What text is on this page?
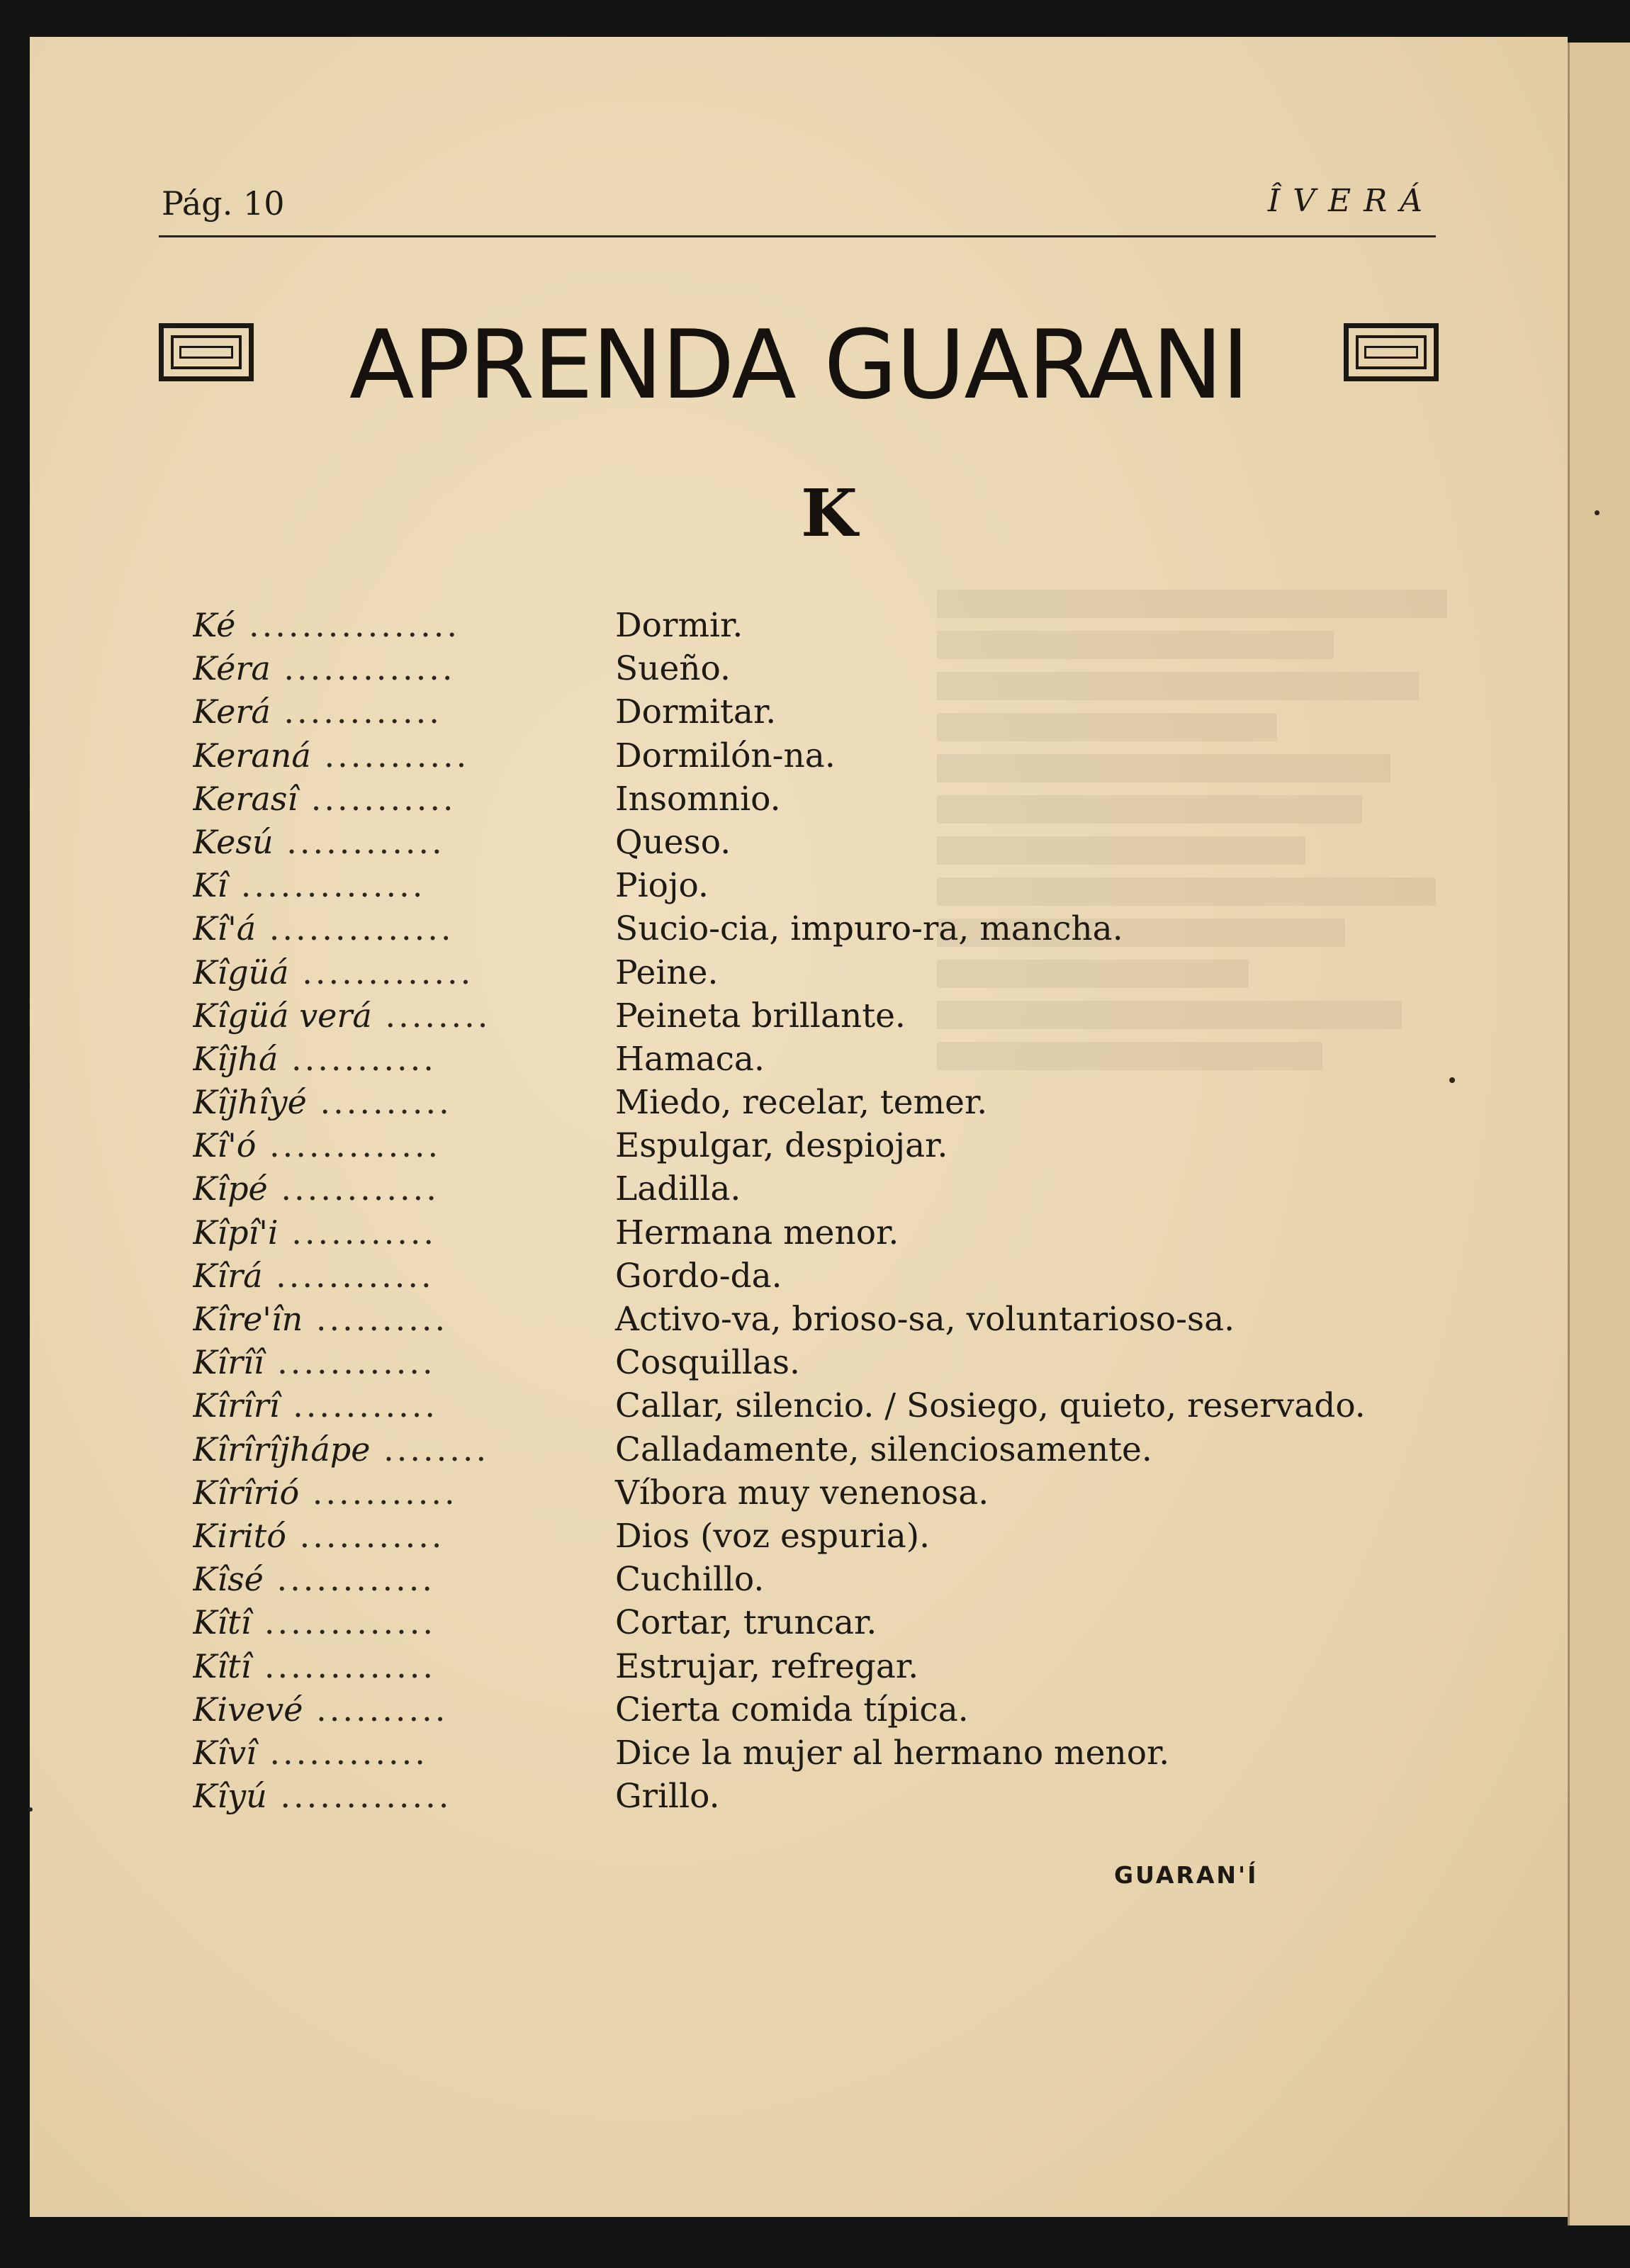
Pág. 10	ÎVERÁ
APRENDA GUARANI
K
Ké ................	Dormir.
Kéra .............	Sueño.
Kerá ............	Dormitar.
Keraná ...........	Dormilón-na.
Kerasî ...........	Insomnio.
Kesú ............	Queso.
Kî ..............	Piojo.
Kî'á ..............	Sucio-cia, impuro-ra, mancha.
Kîgüá .............	Peine.
Kîgüá verá ........	Peineta brillante.
Kîjhá ...........	Hamaca.
Kîjhîyé ..........	Miedo, recelar, temer.
Kî'ó .............	Espulgar, despiojar.
Kîpé ............	Ladilla.
Kîpî'i ...........	Hermana menor.
Kîrá ............	Gordo-da.
Kîre'în ..........	Activo-va, brioso-sa, voluntarioso-sa.
Kîrîî ............	Cosquillas.
Kîrîrî ...........	Callar, silencio. / Sosiego, quieto, reservado.
Kîrîrîjhápe ........	Calladamente, silenciosamente.
Kîrîrió ...........	Víbora muy venenosa.
Kiritó ...........	Dios (voz espuria).
Kîsé ............	Cuchillo.
Kîtî .............	Cortar, truncar.
Kîtî .............	Estrujar, refregar.
Kivevé ..........	Cierta comida típica.
Kîvî ............	Dice la mujer al hermano menor.
Kîyú .............	Grillo.
GUARAN'Í
